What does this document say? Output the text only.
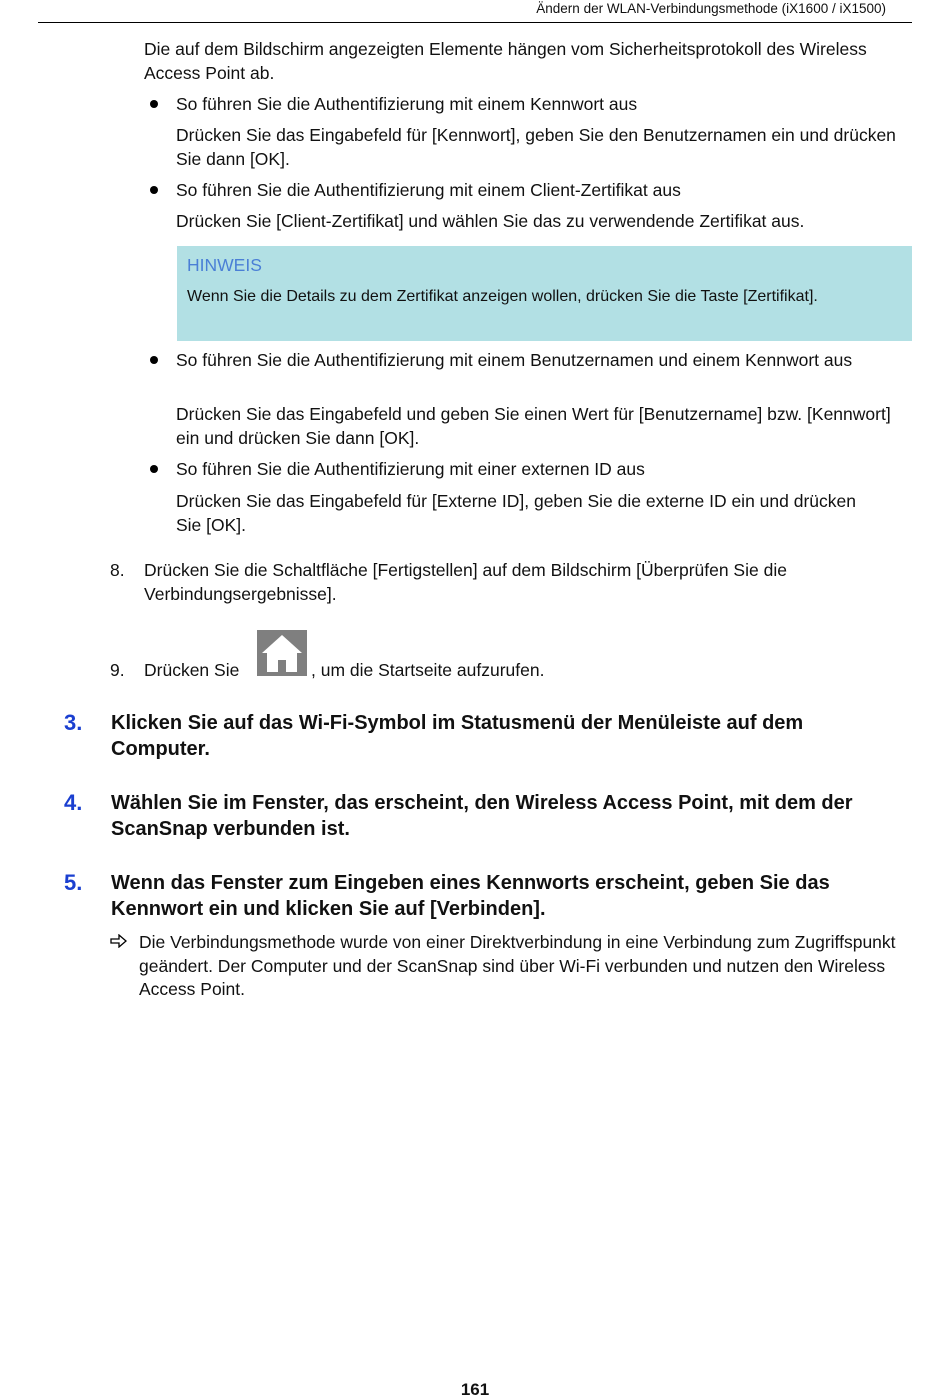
Ändern der WLAN-Verbindungsmethode (iX1600 / iX1500)
Die auf dem Bildschirm angezeigten Elemente hängen vom Sicherheitsprotokoll des Wireless Access Point ab.
So führen Sie die Authentifizierung mit einem Kennwort aus
Drücken Sie das Eingabefeld für [Kennwort], geben Sie den Benutzernamen ein und drücken Sie dann [OK].
So führen Sie die Authentifizierung mit einem Client-Zertifikat aus
Drücken Sie [Client-Zertifikat] und wählen Sie das zu verwendende Zertifikat aus.
HINWEIS
Wenn Sie die Details zu dem Zertifikat anzeigen wollen, drücken Sie die Taste [Zertifikat].
So führen Sie die Authentifizierung mit einem Benutzernamen und einem Kennwort aus
Drücken Sie das Eingabefeld und geben Sie einen Wert für [Benutzername] bzw. [Kennwort] ein und drücken Sie dann [OK].
So führen Sie die Authentifizierung mit einer externen ID aus
Drücken Sie das Eingabefeld für [Externe ID], geben Sie die externe ID ein und drücken Sie [OK].
8. Drücken Sie die Schaltfläche [Fertigstellen] auf dem Bildschirm [Überprüfen Sie die Verbindungsergebnisse].
9. Drücken Sie	, um die Startseite aufzurufen.
3. Klicken Sie auf das Wi-Fi-Symbol im Statusmenü der Menüleiste auf dem Computer.
4. Wählen Sie im Fenster, das erscheint, den Wireless Access Point, mit dem der ScanSnap verbunden ist.
5. Wenn das Fenster zum Eingeben eines Kennworts erscheint, geben Sie das Kennwort ein und klicken Sie auf [Verbinden].
Die Verbindungsmethode wurde von einer Direktverbindung in eine Verbindung zum Zugriffspunkt geändert. Der Computer und der ScanSnap sind über Wi-Fi verbunden und nutzen den Wireless Access Point.
161
